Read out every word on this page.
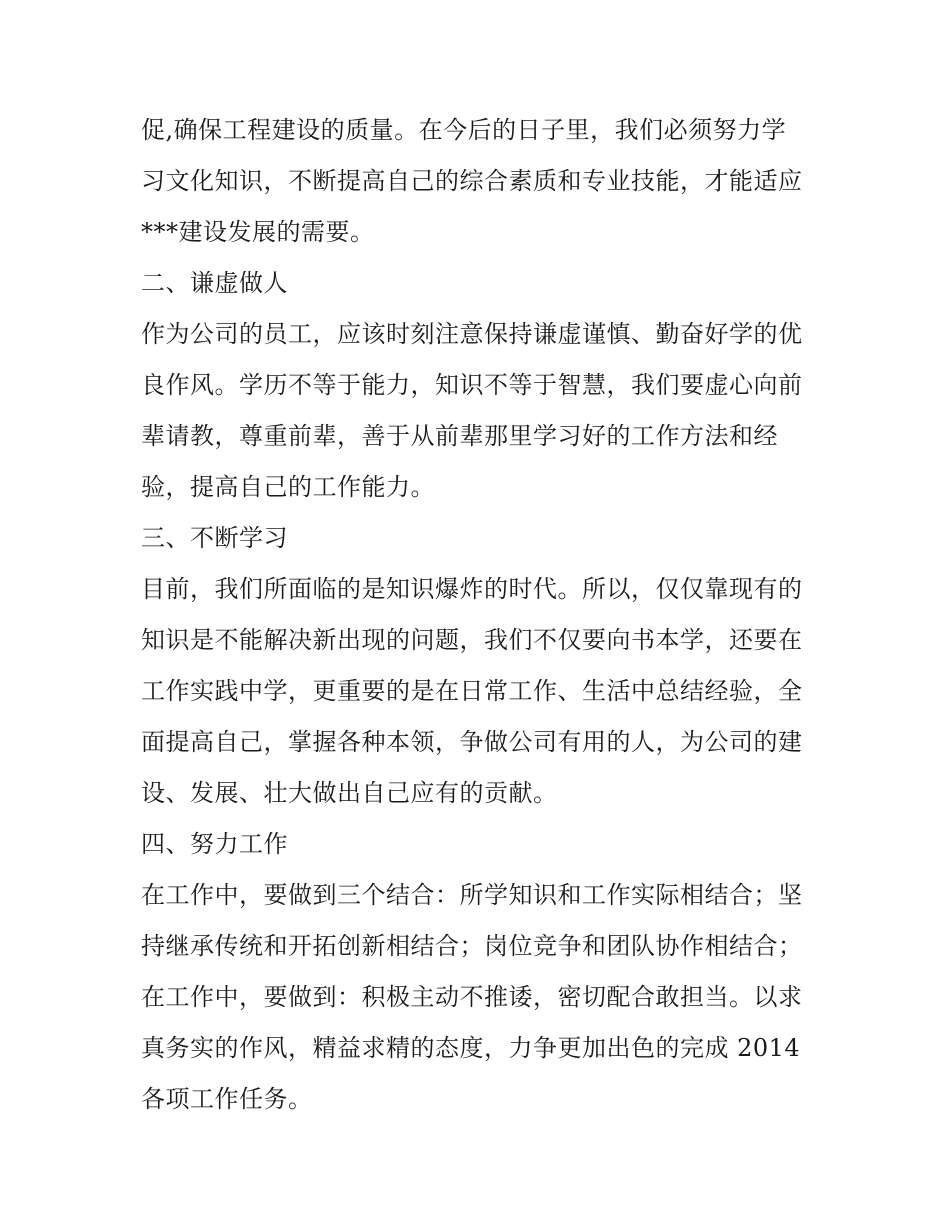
促,确保工程建设的质量。在今后的日子里，我们必须努力学
习文化知识，不断提高自己的综合素质和专业技能，才能适应
***建设发展的需要。
二、谦虚做人
作为公司的员工，应该时刻注意保持谦虚谨慎、勤奋好学的优
良作风。学历不等于能力，知识不等于智慧，我们要虚心向前
辈请教，尊重前辈，善于从前辈那里学习好的工作方法和经
验，提高自己的工作能力。
三、不断学习
目前，我们所面临的是知识爆炸的时代。所以，仅仅靠现有的
知识是不能解决新出现的问题，我们不仅要向书本学，还要在
工作实践中学，更重要的是在日常工作、生活中总结经验，全
面提高自己，掌握各种本领，争做公司有用的人，为公司的建
设、发展、壮大做出自己应有的贡献。
四、努力工作
在工作中，要做到三个结合：所学知识和工作实际相结合；坚
持继承传统和开拓创新相结合；岗位竞争和团队协作相结合；
在工作中，要做到：积极主动不推诿，密切配合敢担当。以求
真务实的作风，精益求精的态度，力争更加出色的完成 2014
各项工作任务。
